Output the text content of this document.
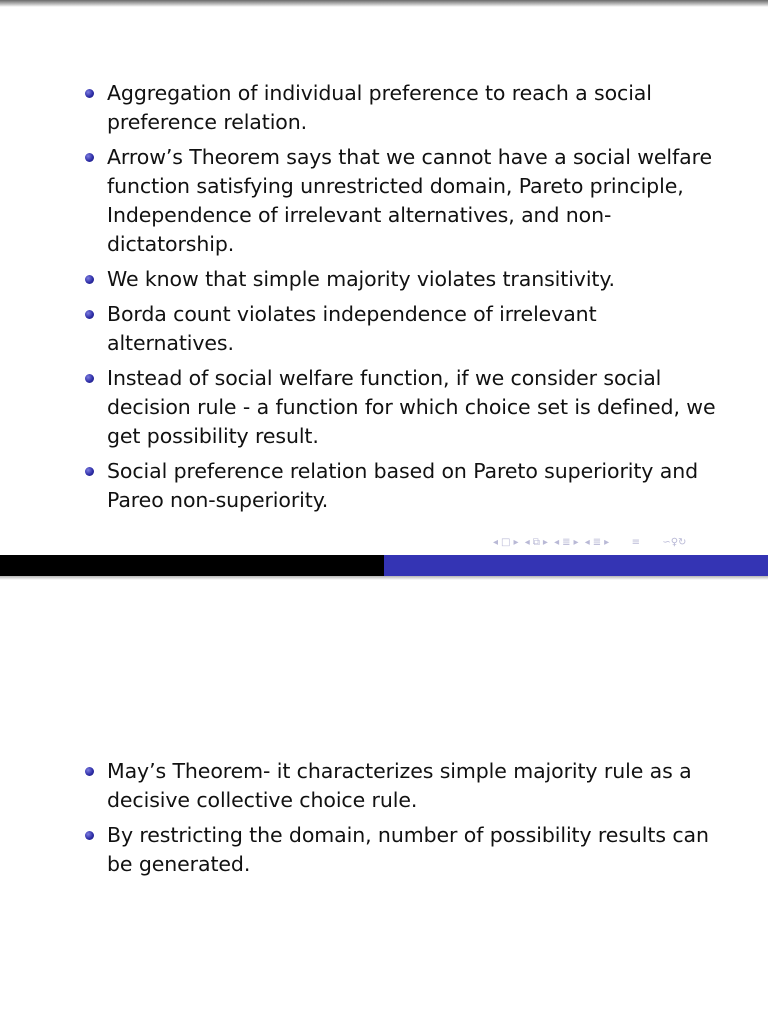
Aggregation of individual preference to reach a social preference relation.
Arrow’s Theorem says that we cannot have a social welfare function satisfying unrestricted domain, Pareto principle, Independence of irrelevant alternatives, and non-dictatorship.
We know that simple majority violates transitivity.
Borda count violates independence of irrelevant alternatives.
Instead of social welfare function, if we consider social decision rule - a function for which choice set is defined, we get possibility result.
Social preference relation based on Pareto superiority and Pareo non-superiority.
◂ □ ▸ ◂ ⧉ ▸ ◂ ≣ ▸ ◂ ≣ ▸ ≡ ∽♀↻
May’s Theorem- it characterizes simple majority rule as a decisive collective choice rule.
By restricting the domain, number of possibility results can be generated.
